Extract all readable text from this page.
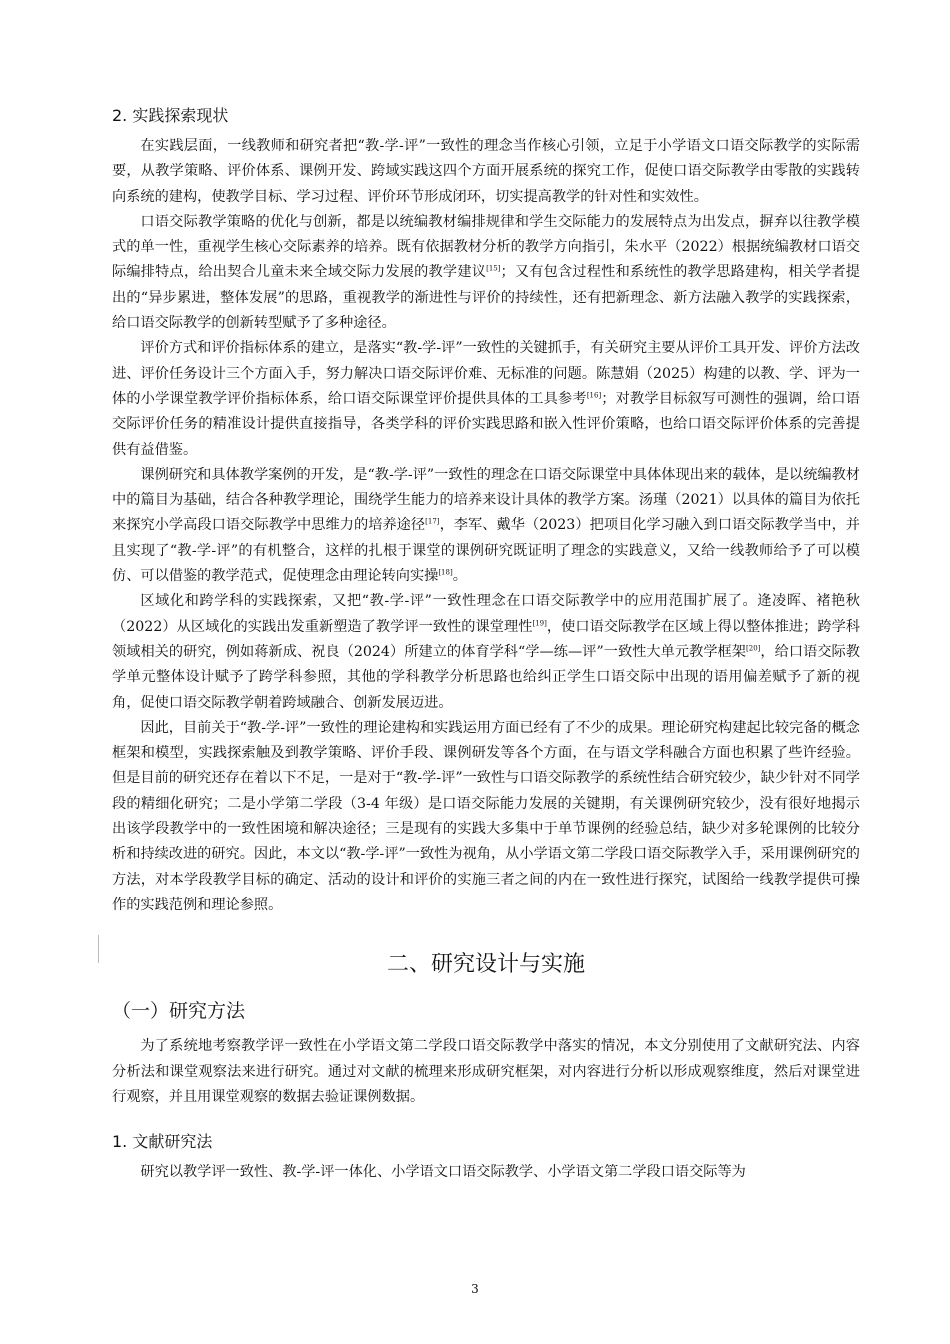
2. 实践探索现状

在实践层面，一线教师和研究者把“教-学-评”一致性的理念当作核心引领，立足于小学语文口语交际教学的实际需要，从教学策略、评价体系、课例开发、跨域实践这四个方面开展系统的探究工作，促使口语交际教学由零散的实践转向系统的建构，使教学目标、学习过程、评价环节形成闭环，切实提高教学的针对性和实效性。

口语交际教学策略的优化与创新，都是以统编教材编排规律和学生交际能力的发展特点为出发点，摒弃以往教学模式的单一性，重视学生核心交际素养的培养。既有依据教材分析的教学方向指引，朱水平（2022）根据统编教材口语交际编排特点，给出契合儿童未来全域交际力发展的教学建议[15]；又有包含过程性和系统性的教学思路建构，相关学者提出的“异步累进，整体发展”的思路，重视教学的渐进性与评价的持续性，还有把新理念、新方法融入教学的实践探索，给口语交际教学的创新转型赋予了多种途径。

评价方式和评价指标体系的建立，是落实“教-学-评”一致性的关键抓手，有关研究主要从评价工具开发、评价方法改进、评价任务设计三个方面入手，努力解决口语交际评价难、无标准的问题。陈慧娟（2025）构建的以教、学、评为一体的小学课堂教学评价指标体系，给口语交际课堂评价提供具体的工具参考[16]；对教学目标叙写可测性的强调，给口语交际评价任务的精准设计提供直接指导，各类学科的评价实践思路和嵌入性评价策略，也给口语交际评价体系的完善提供有益借鉴。

课例研究和具体教学案例的开发，是“教-学-评”一致性的理念在口语交际课堂中具体体现出来的载体，是以统编教材中的篇目为基础，结合各种教学理论，围绕学生能力的培养来设计具体的教学方案。汤瑾（2021）以具体的篇目为依托来探究小学高段口语交际教学中思维力的培养途径[17]，李军、戴华（2023）把项目化学习融入到口语交际教学当中，并且实现了“教-学-评”的有机整合，这样的扎根于课堂的课例研究既证明了理念的实践意义，又给一线教师给予了可以模仿、可以借鉴的教学范式，促使理念由理论转向实操[18]。

区域化和跨学科的实践探索，又把“教-学-评”一致性理念在口语交际教学中的应用范围扩展了。逄凌晖、褚艳秋（2022）从区域化的实践出发重新塑造了教学评一致性的课堂理性[19]，使口语交际教学在区域上得以整体推进；跨学科领域相关的研究，例如蒋新成、祝良（2024）所建立的体育学科“学—练—评”一致性大单元教学框架[20]，给口语交际教学单元整体设计赋予了跨学科参照，其他的学科教学分析思路也给纠正学生口语交际中出现的语用偏差赋予了新的视角，促使口语交际教学朝着跨域融合、创新发展迈进。

因此，目前关于“教-学-评”一致性的理论建构和实践运用方面已经有了不少的成果。理论研究构建起比较完备的概念框架和模型，实践探索触及到教学策略、评价手段、课例研发等各个方面，在与语文学科融合方面也积累了些许经验。但是目前的研究还存在着以下不足，一是对于“教-学-评”一致性与口语交际教学的系统性结合研究较少，缺少针对不同学段的精细化研究；二是小学第二学段（3-4 年级）是口语交际能力发展的关键期，有关课例研究较少，没有很好地揭示出该学段教学中的一致性困境和解决途径；三是现有的实践大多集中于单节课例的经验总结，缺少对多轮课例的比较分析和持续改进的研究。因此，本文以“教-学-评”一致性为视角，从小学语文第二学段口语交际教学入手，采用课例研究的方法，对本学段教学目标的确定、活动的设计和评价的实施三者之间的内在一致性进行探究，试图给一线教学提供可操作的实践范例和理论参照。

二、研究设计与实施
（一）研究方法

为了系统地考察教学评一致性在小学语文第二学段口语交际教学中落实的情况，本文分别使用了文献研究法、内容分析法和课堂观察法来进行研究。通过对文献的梳理来形成研究框架，对内容进行分析以形成观察维度，然后对课堂进行观察，并且用课堂观察的数据去验证课例数据。

1. 文献研究法

研究以教学评一致性、教-学-评一体化、小学语文口语交际教学、小学语文第二学段口语交际等为

3
